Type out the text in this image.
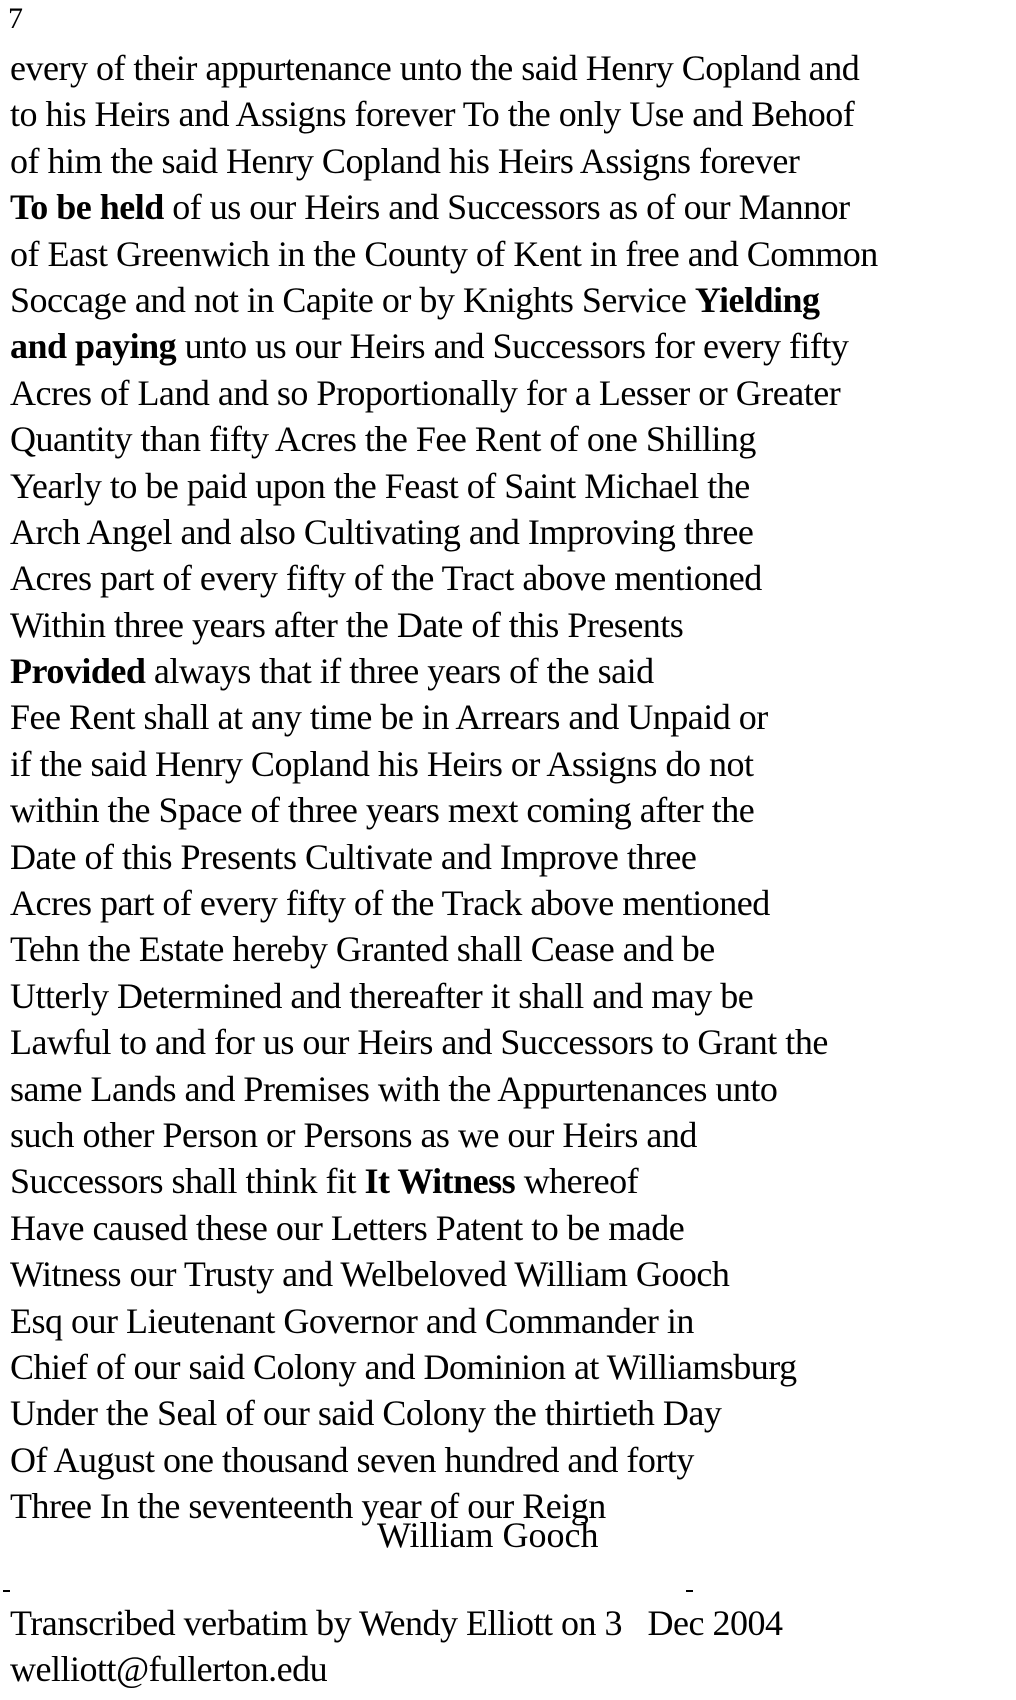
7
every of their appurtenance unto the said Henry Copland and
to his Heirs and Assigns forever To the only Use and Behoof
of him the said Henry Copland his Heirs Assigns forever
To be held of us our Heirs and Successors as of our Mannor
of East Greenwich in the County of Kent in free and Common
Soccage and not in Capite or by Knights Service Yielding
and paying unto us our Heirs and Successors for every fifty
Acres of Land and so Proportionally for a Lesser or Greater
Quantity than fifty Acres the Fee Rent of one Shilling
Yearly to be paid upon the Feast of Saint Michael the
Arch Angel and also Cultivating and Improving three
Acres part of every fifty of the Tract above mentioned
Within three years after the Date of this Presents
Provided always that if three years of the said
Fee Rent shall at any time be in Arrears and Unpaid or
if the said Henry Copland his Heirs or Assigns do not
within the Space of three years mext coming after the
Date of this Presents Cultivate and Improve three
Acres part of every fifty of the Track above mentioned
Tehn the Estate hereby Granted shall Cease and be
Utterly Determined and thereafter it shall and may be
Lawful to and for us our Heirs and Successors to Grant the
same Lands and Premises with the Appurtenances unto
such other Person or Persons as we our Heirs and
Successors shall think fit It Witness whereof
Have caused these our Letters Patent to be made
Witness our Trusty and Welbeloved William Gooch
Esq our Lieutenant Governor and Commander in
Chief of our said Colony and Dominion at Williamsburg
Under the Seal of our said Colony the thirtieth Day
Of August one thousand seven hundred and forty
Three In the seventeenth year of our Reign
William Gooch
Transcribed verbatim by Wendy Elliott on 3   Dec 2004
welliott@fullerton.edu
